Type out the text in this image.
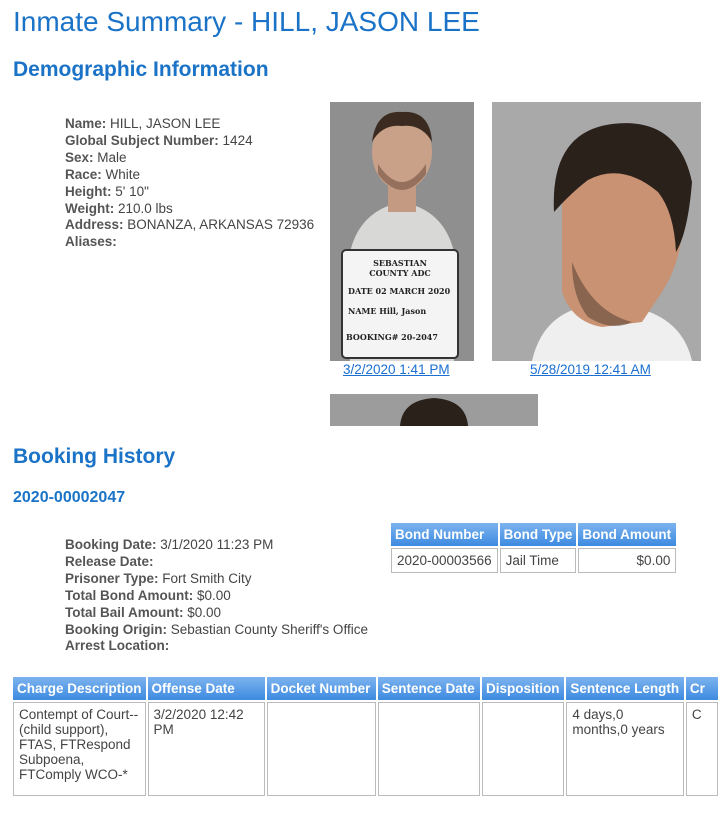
Inmate Summary - HILL, JASON LEE
Demographic Information
Name: HILL, JASON LEE
Global Subject Number: 1424
Sex: Male
Race: White
Height: 5' 10"
Weight: 210.0 lbs
Address: BONANZA, ARKANSAS 72936
Aliases:
SEBASTIAN
COUNTY ADC
DATE 02 MARCH 2020
NAME Hill, Jason
BOOKING# 20-2047
3/2/2020 1:41 PM	5/28/2019 12:41 AM
Booking History
2020-00002047
Booking Date: 3/1/2020 11:23 PM
Release Date:
Prisoner Type: Fort Smith City
Total Bond Amount: $0.00
Total Bail Amount: $0.00
Booking Origin: Sebastian County Sheriff's Office
Arrest Location:
Bond Number	Bond Type	Bond Amount
2020-00003566	Jail Time	$0.00
Charge Description	Offense Date	Docket Number	Sentence Date	Disposition	Sentence Length	Cr
Contempt of Court--(child support), FTAS, FTRespond Subpoena, FTComply WCO-*	3/2/2020 12:42 PM				4 days,0 months,0 years	C
